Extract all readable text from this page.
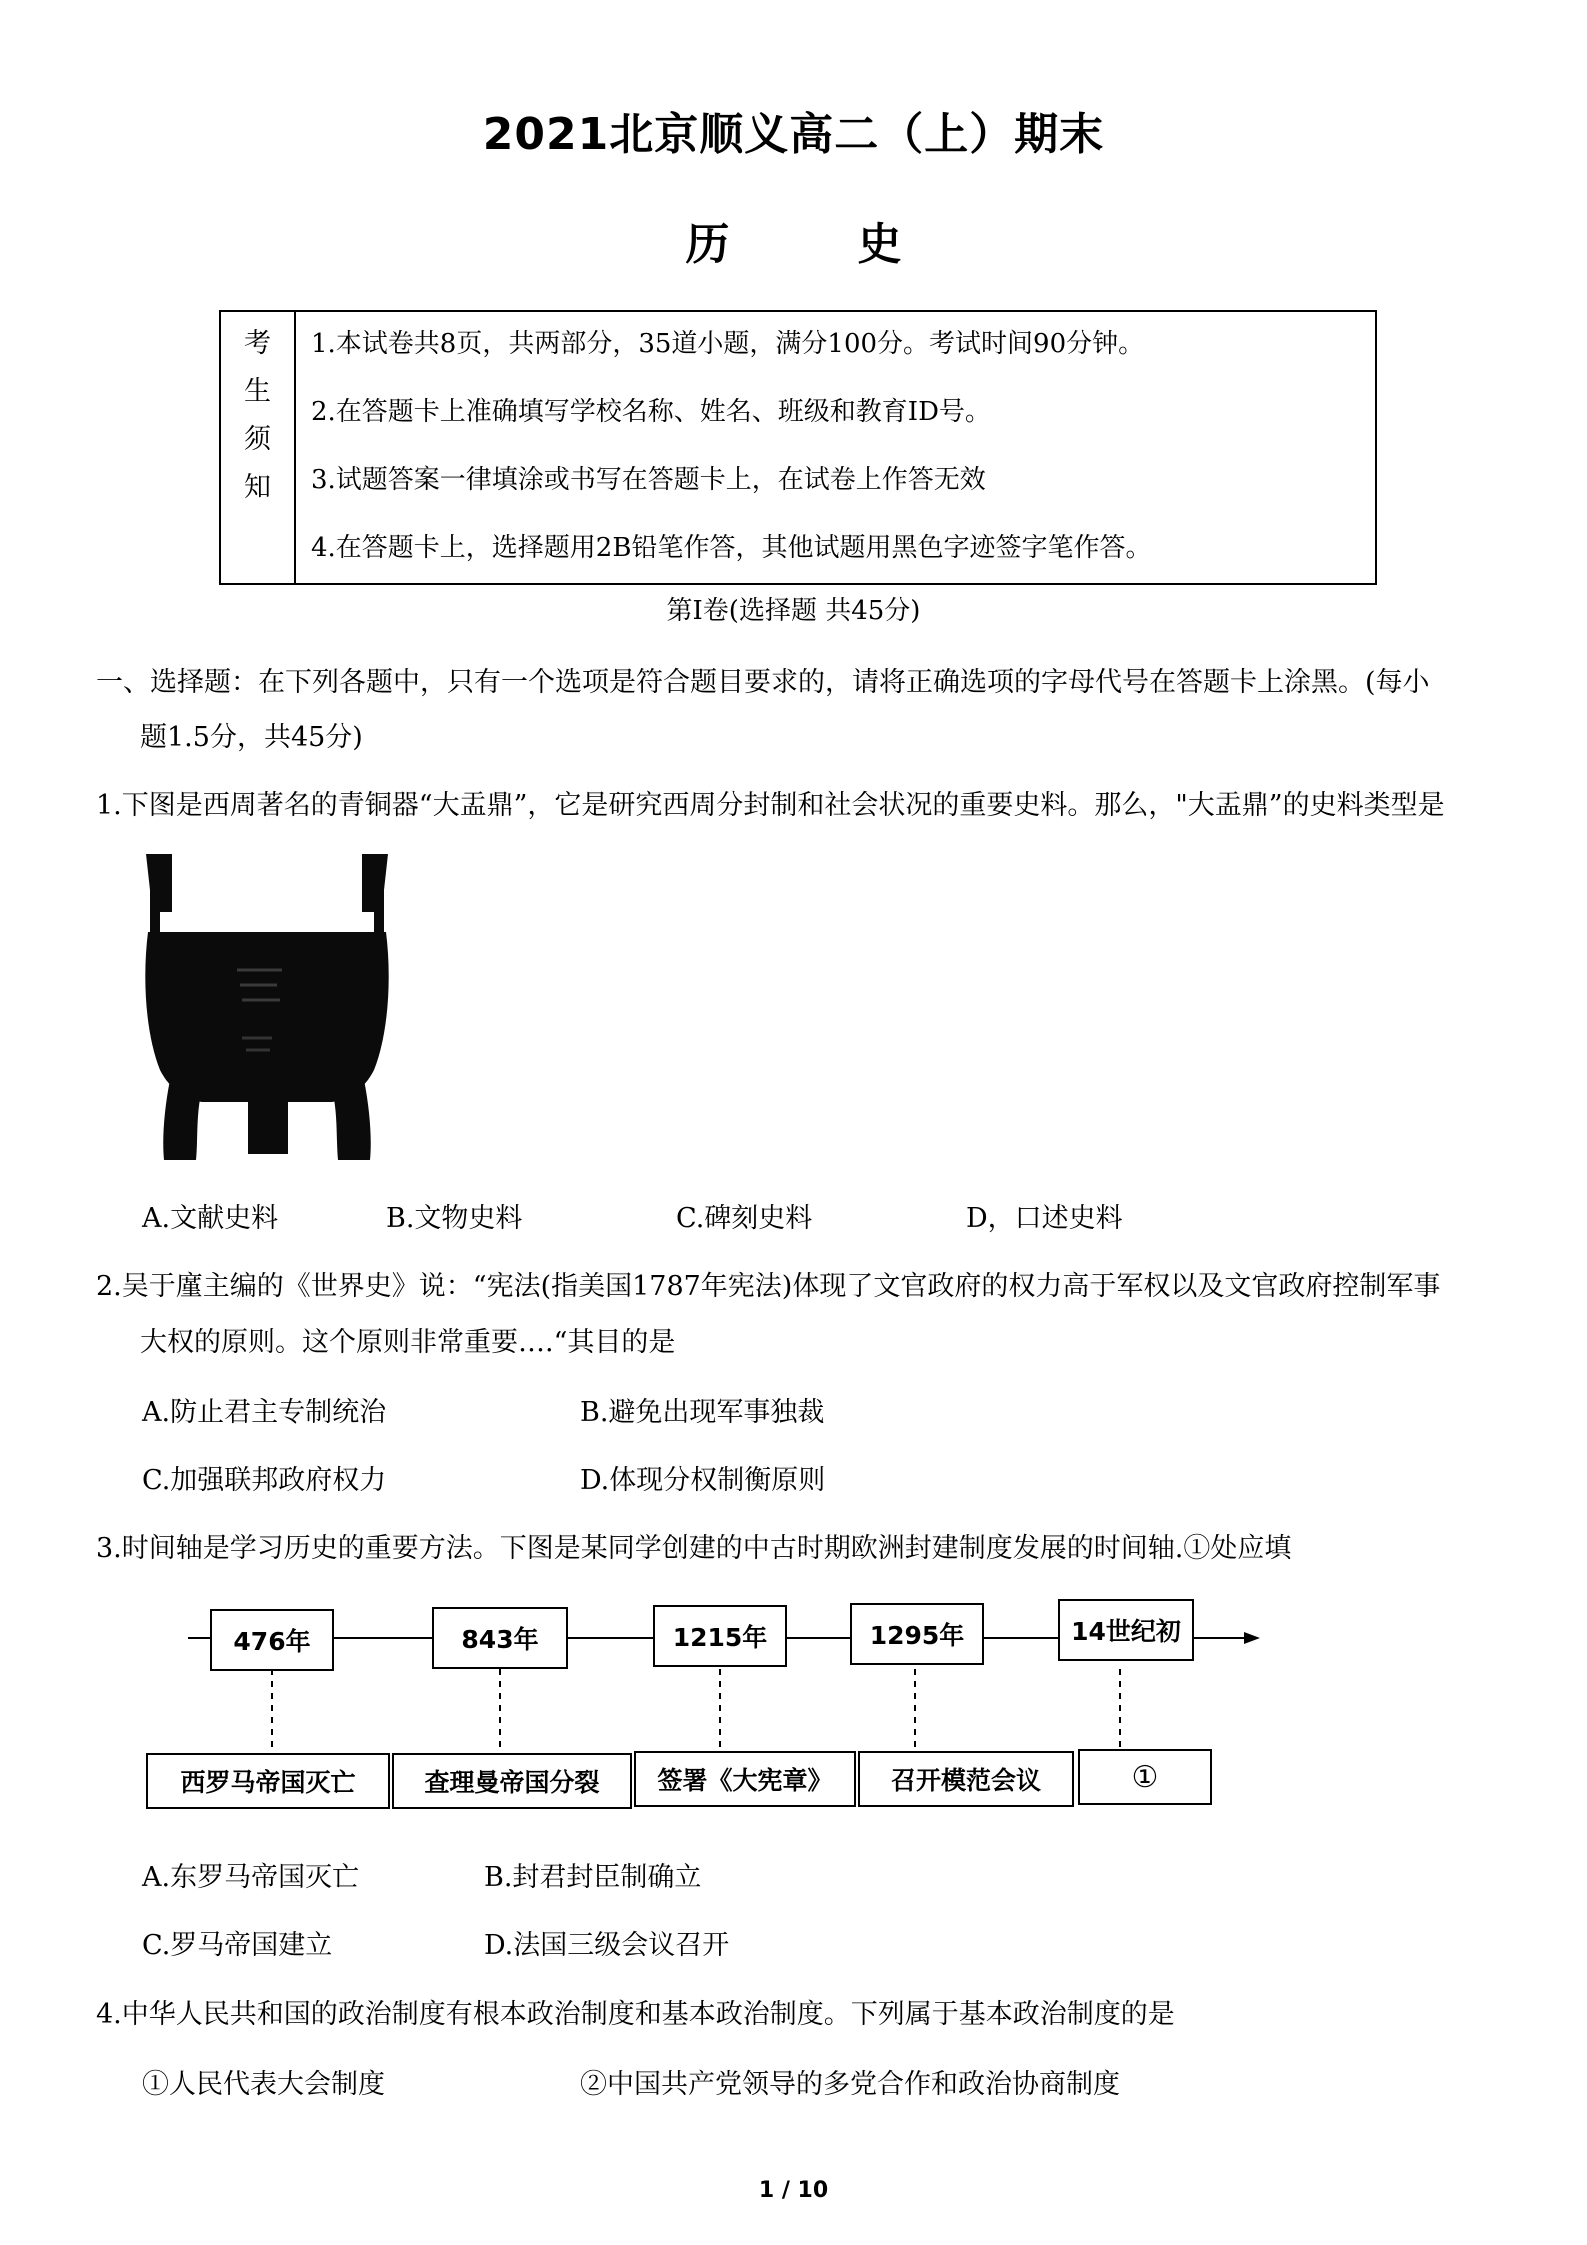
2021北京顺义高二（上）期末
历	史
考
生
须
知
1.本试卷共8页，共两部分，35道小题，满分100分。考试时间90分钟。
2.在答题卡上准确填写学校名称、姓名、班级和教育ID号。
3.试题答案一律填涂或书写在答题卡上，在试卷上作答无效
4.在答题卡上，选择题用2B铅笔作答，其他试题用黑色字迹签字笔作答。
第Ⅰ卷(选择题 共45分)
一、选择题：在下列各题中，只有一个选项是符合题目要求的，请将正确选项的字母代号在答题卡上涂黑。(每小
题1.5分，共45分)
1.下图是西周著名的青铜器“大盂鼎”，它是研究西周分封制和社会状况的重要史料。那么，"大盂鼎”的史料类型是
A.文献史料	B.文物史料	C.碑刻史料	D，口述史料
2.吴于廑主编的《世界史》说：“宪法(指美国1787年宪法)体现了文官政府的权力高于军权以及文官政府控制军事
大权的原则。这个原则非常重要….“其目的是
A.防止君主专制统治	B.避免出现军事独裁
C.加强联邦政府权力	D.体现分权制衡原则
3.时间轴是学习历史的重要方法。下图是某同学创建的中古时期欧洲封建制度发展的时间轴.①处应填
476年	843年	1215年	1295年	14世纪初
西罗马帝国灭亡	查理曼帝国分裂	签署《大宪章》	召开模范会议	①
A.东罗马帝国灭亡	B.封君封臣制确立
C.罗马帝国建立	D.法国三级会议召开
4.中华人民共和国的政治制度有根本政治制度和基本政治制度。下列属于基本政治制度的是
①人民代表大会制度	②中国共产党领导的多党合作和政治协商制度
1 / 10
